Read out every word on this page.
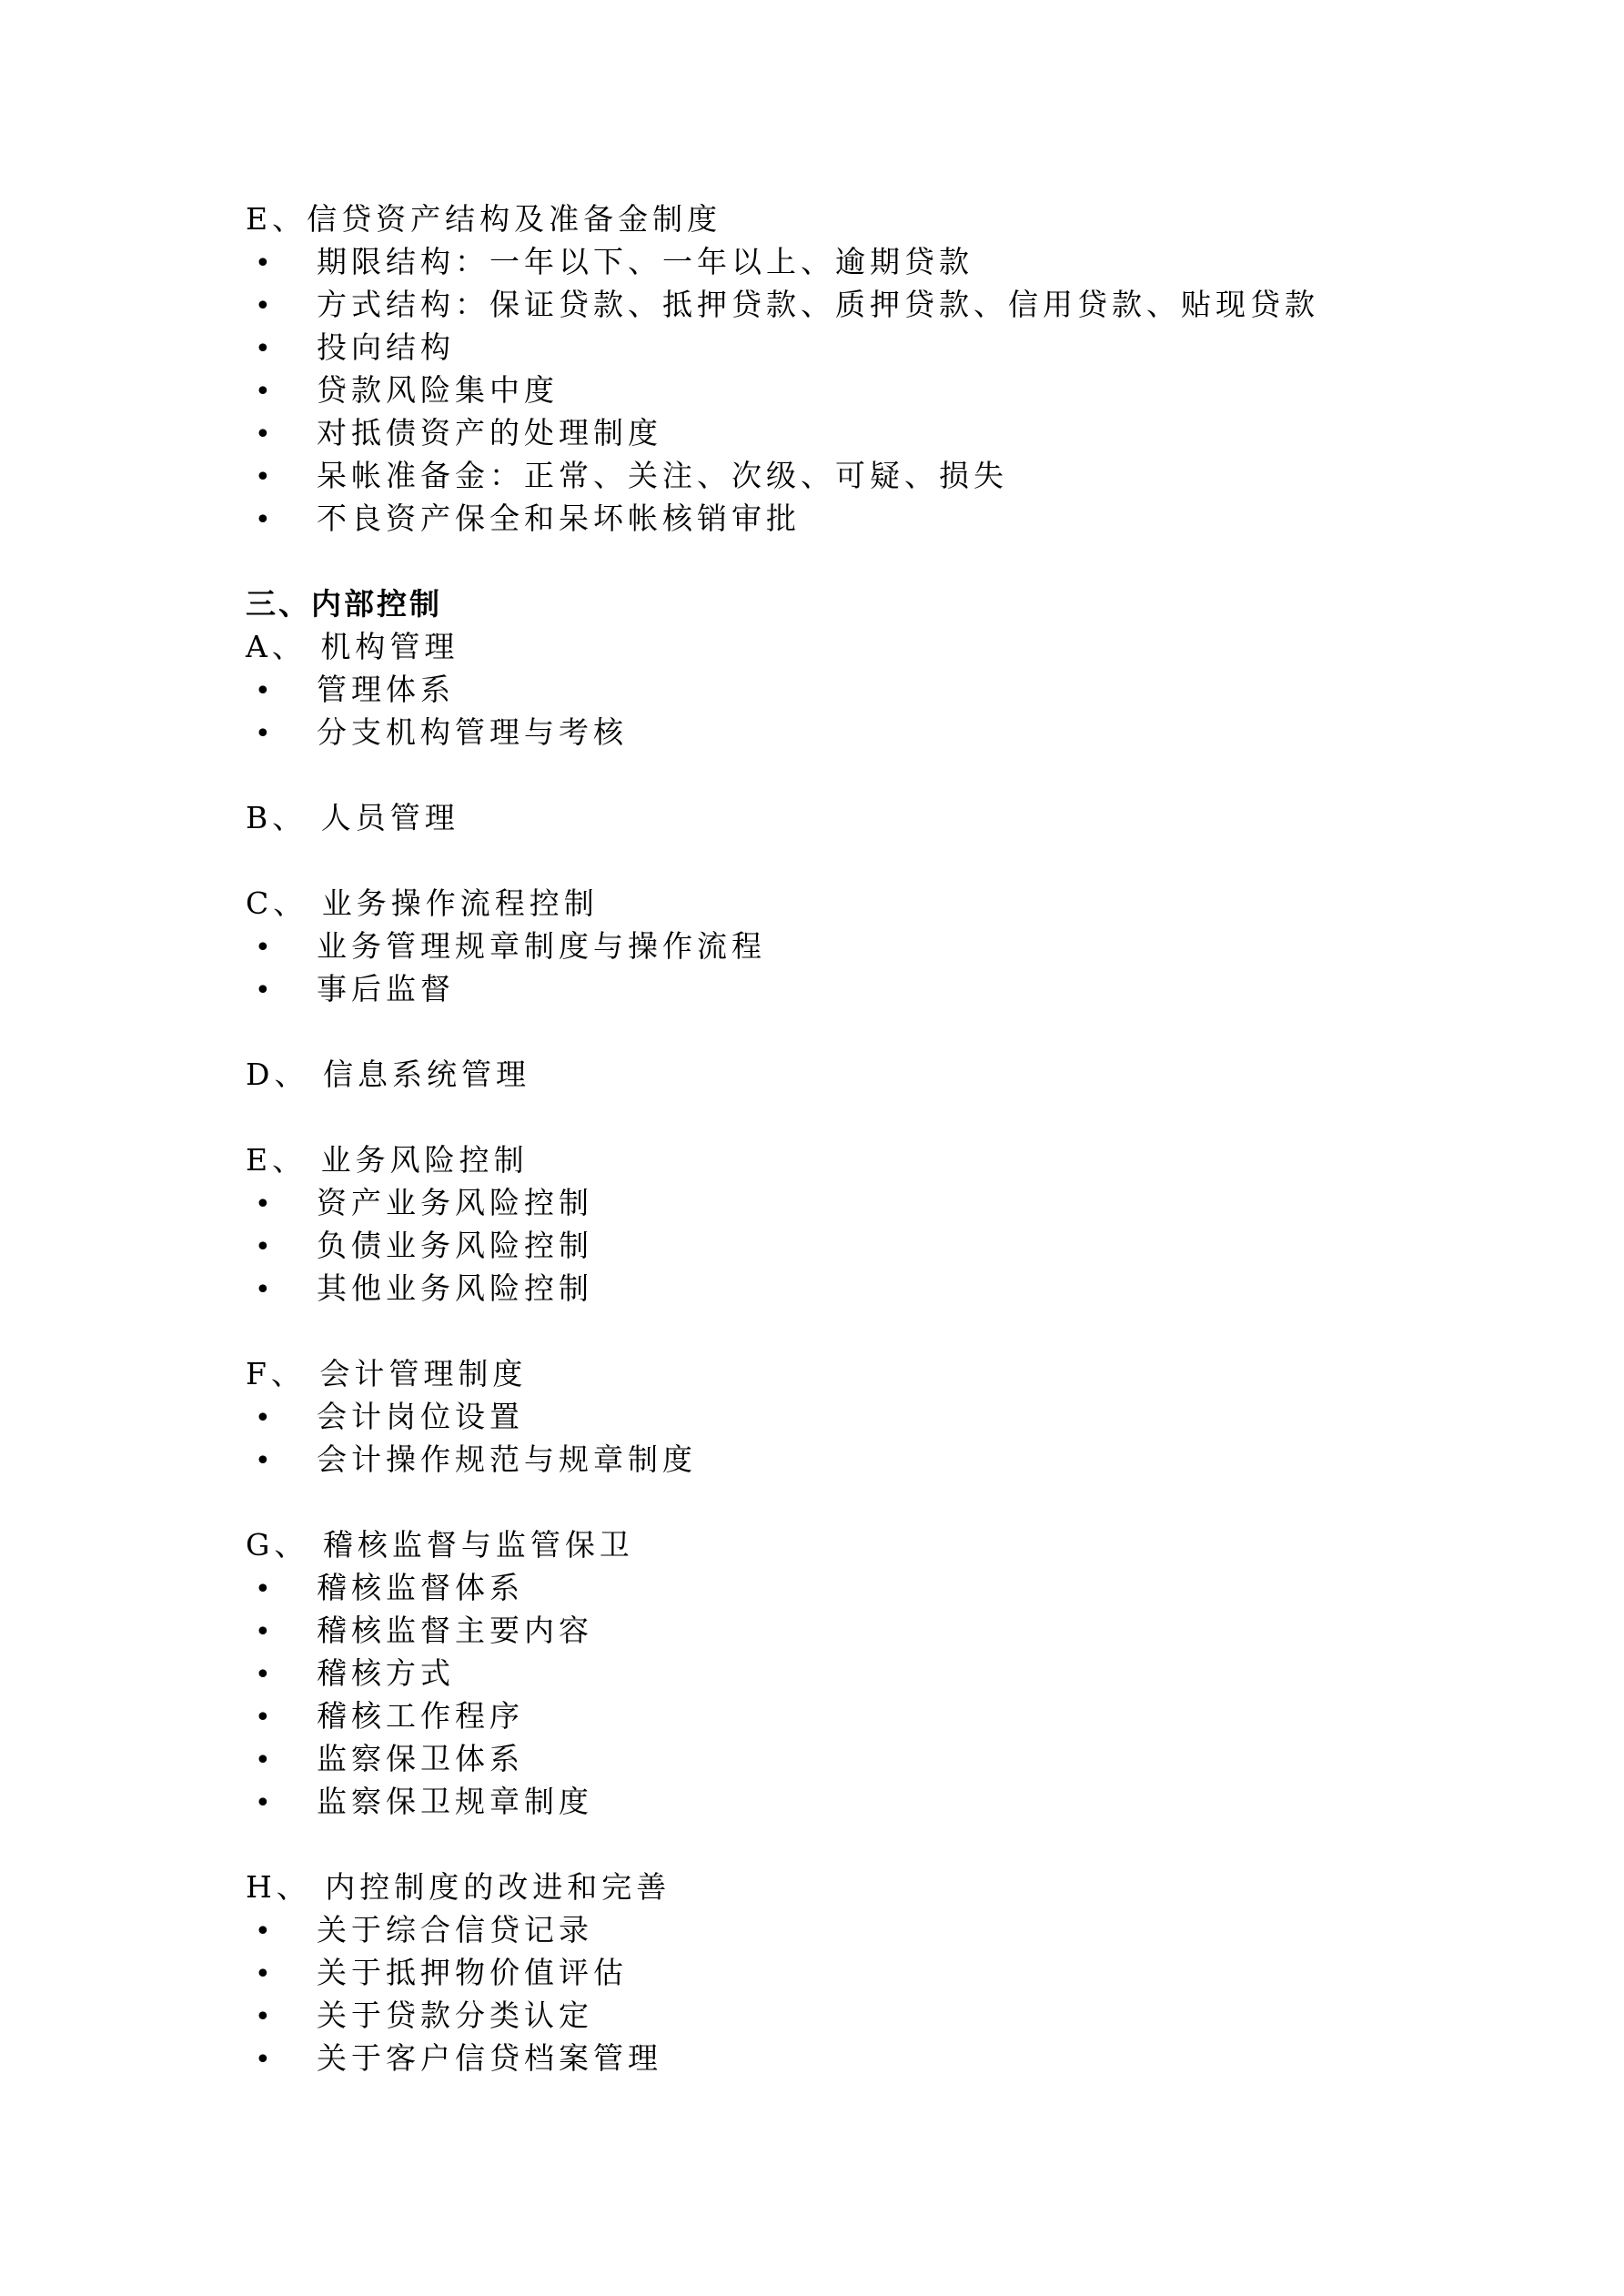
E、信贷资产结构及准备金制度
• 期限结构：一年以下、一年以上、逾期贷款
• 方式结构：保证贷款、抵押贷款、质押贷款、信用贷款、贴现贷款
• 投向结构
• 贷款风险集中度
• 对抵债资产的处理制度
• 呆帐准备金：正常、关注、次级、可疑、损失
• 不良资产保全和呆坏帐核销审批
三、内部控制
A、 机构管理
• 管理体系
• 分支机构管理与考核
B、 人员管理
C、 业务操作流程控制
• 业务管理规章制度与操作流程
• 事后监督
D、 信息系统管理
E、 业务风险控制
• 资产业务风险控制
• 负债业务风险控制
• 其他业务风险控制
F、 会计管理制度
• 会计岗位设置
• 会计操作规范与规章制度
G、 稽核监督与监管保卫
• 稽核监督体系
• 稽核监督主要内容
• 稽核方式
• 稽核工作程序
• 监察保卫体系
• 监察保卫规章制度
H、 内控制度的改进和完善
• 关于综合信贷记录
• 关于抵押物价值评估
• 关于贷款分类认定
• 关于客户信贷档案管理
